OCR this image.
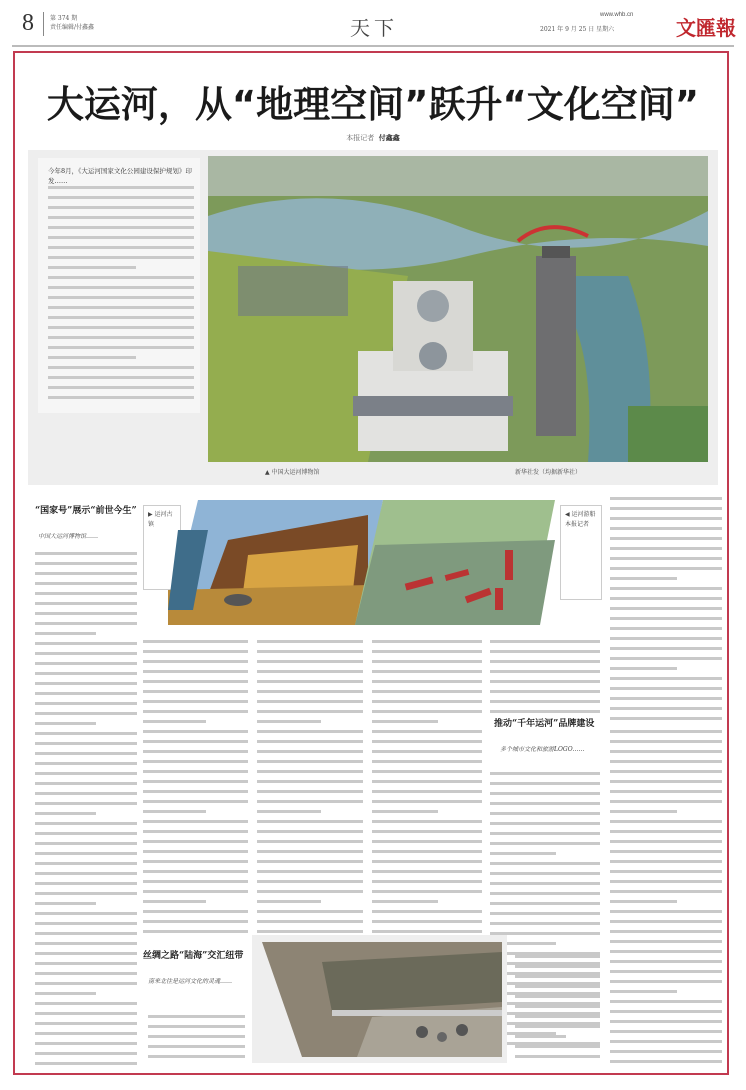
8	第 374 期
责任编辑/付鑫鑫	天下
www.whb.cn
2021 年 9 月 25 日 星期六	文匯報
大运河，从“地理空间”跃升“文化空间”
本报记者 付鑫鑫
今年8月，《大运河国家文化公园建设保护规划》印发……
▲ 中国大运河博物馆	新华社发（均据新华社）
“国家号”展示“前世今生”
中国大运河博物馆……
▶ 运河古镇
◀ 运河游船
本报记者
推动“千年运河”品牌建设
多个城市文化和旅游LOGO……
丝绸之路“陆海”交汇纽带
南来北往是运河文化的灵魂……
